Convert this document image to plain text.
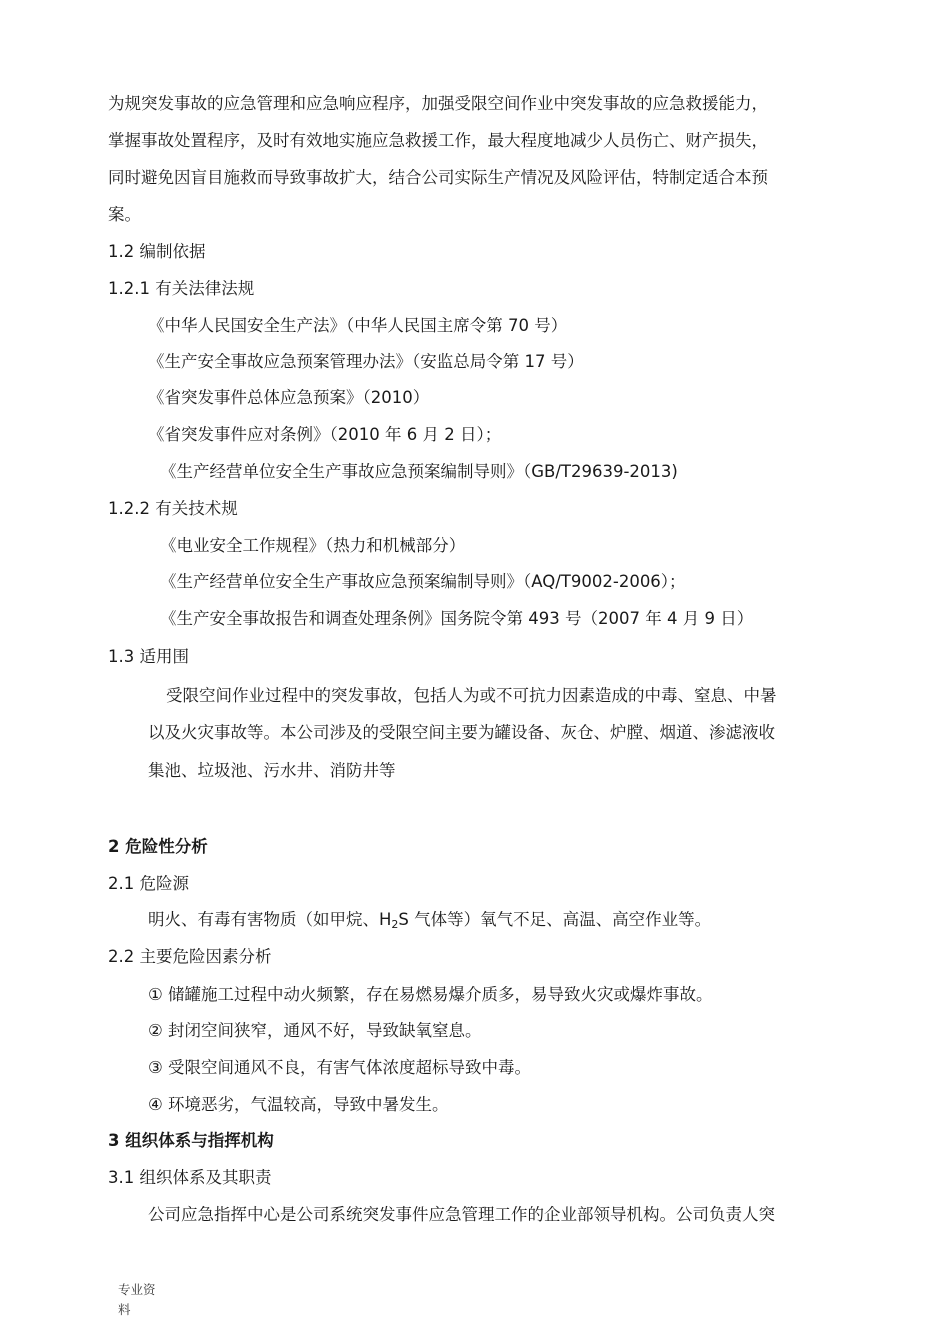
为规突发事故的应急管理和应急响应程序，加强受限空间作业中突发事故的应急救援能力，
掌握事故处置程序，及时有效地实施应急救援工作，最大程度地减少人员伤亡、财产损失，
同时避免因盲目施救而导致事故扩大，结合公司实际生产情况及风险评估，特制定适合本预
案。
1.2 编制依据
1.2.1 有关法律法规
《中华人民国安全生产法》（中华人民国主席令第 70 号）
《生产安全事故应急预案管理办法》（安监总局令第 17 号）
《省突发事件总体应急预案》（2010）
《省突发事件应对条例》（2010 年 6 月 2 日）；
《生产经营单位安全生产事故应急预案编制导则》（GB/T29639-2013)
1.2.2 有关技术规
《电业安全工作规程》（热力和机械部分）
《生产经营单位安全生产事故应急预案编制导则》（AQ/T9002-2006）；
《生产安全事故报告和调查处理条例》国务院令第 493 号（2007 年 4 月 9 日）
1.3 适用围
受限空间作业过程中的突发事故，包括人为或不可抗力因素造成的中毒、窒息、中暑
以及火灾事故等。本公司涉及的受限空间主要为罐设备、灰仓、炉膛、烟道、渗滤液收
集池、垃圾池、污水井、消防井等
2 危险性分析
2.1 危险源
明火、有毒有害物质（如甲烷、$H_2S$ 气体等）氧气不足、高温、高空作业等。
2.2 主要危险因素分析
① 储罐施工过程中动火频繁，存在易燃易爆介质多，易导致火灾或爆炸事故。
② 封闭空间狭窄，通风不好，导致缺氧窒息。
③ 受限空间通风不良，有害气体浓度超标导致中毒。
④ 环境恶劣，气温较高，导致中暑发生。
3 组织体系与指挥机构
3.1 组织体系及其职责
公司应急指挥中心是公司系统突发事件应急管理工作的企业部领导机构。公司负责人突
专业资
料
